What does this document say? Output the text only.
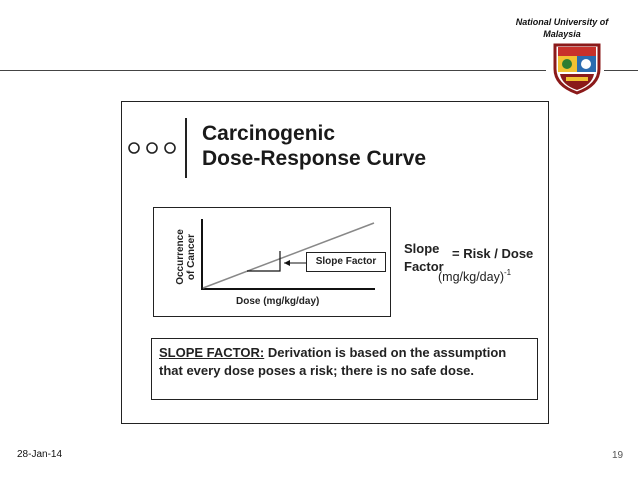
National University of
Malaysia
Carcinogenic
Dose-Response Curve
Occurrence of Cancer
Dose (mg/kg/day)
Slope Factor
Slope
Factor
= Risk / Dose
$(mg/kg/day)^{-1}$
SLOPE FACTOR: Derivation is based on the assumption that every dose poses a risk; there is no safe dose.
28-Jan-14	19
